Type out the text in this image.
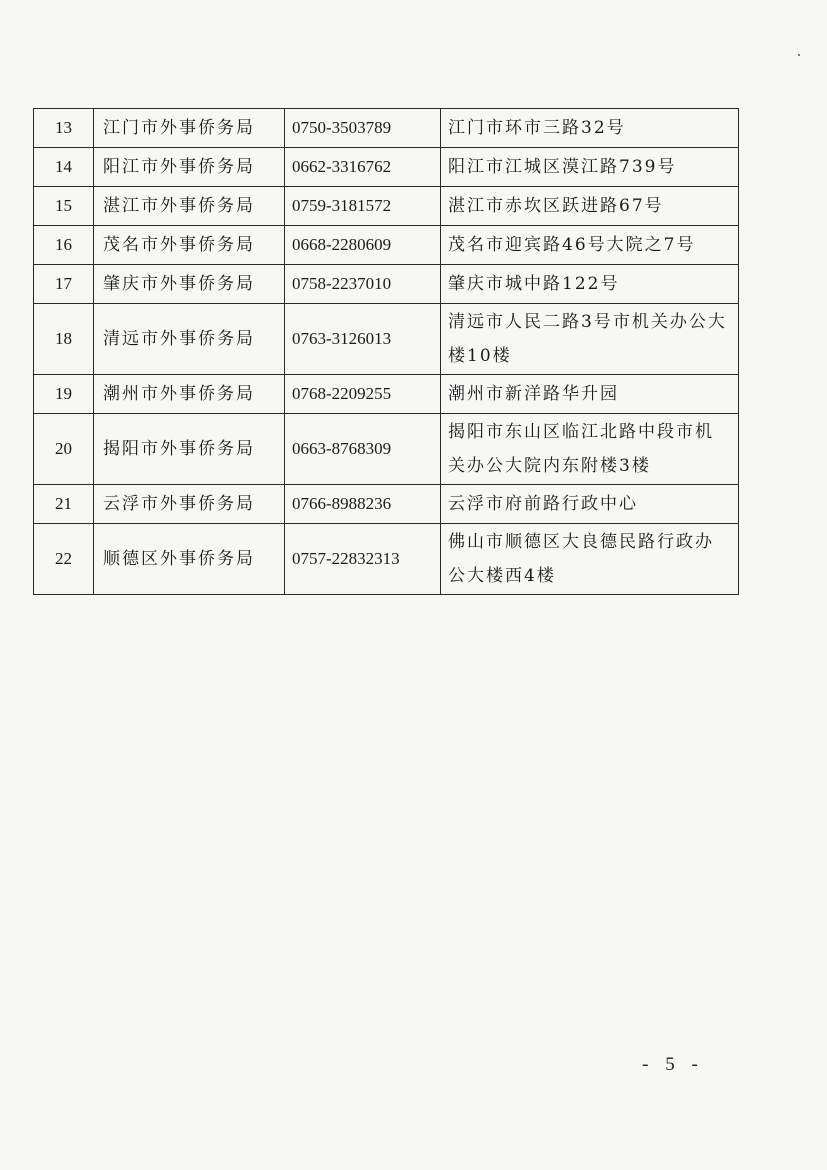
13	江门市外事侨务局	0750-3503789	江门市环市三路32号
14	阳江市外事侨务局	0662-3316762	阳江市江城区漠江路739号
15	湛江市外事侨务局	0759-3181572	湛江市赤坎区跃进路67号
16	茂名市外事侨务局	0668-2280609	茂名市迎宾路46号大院之7号
17	肇庆市外事侨务局	0758-2237010	肇庆市城中路122号
18	清远市外事侨务局	0763-3126013	清远市人民二路3号市机关办公大楼10楼
19	潮州市外事侨务局	0768-2209255	潮州市新洋路华升园
20	揭阳市外事侨务局	0663-8768309	揭阳市东山区临江北路中段市机关办公大院内东附楼3楼
21	云浮市外事侨务局	0766-8988236	云浮市府前路行政中心
22	顺德区外事侨务局	0757-22832313	佛山市顺德区大良德民路行政办公大楼西4楼
- 5 -
